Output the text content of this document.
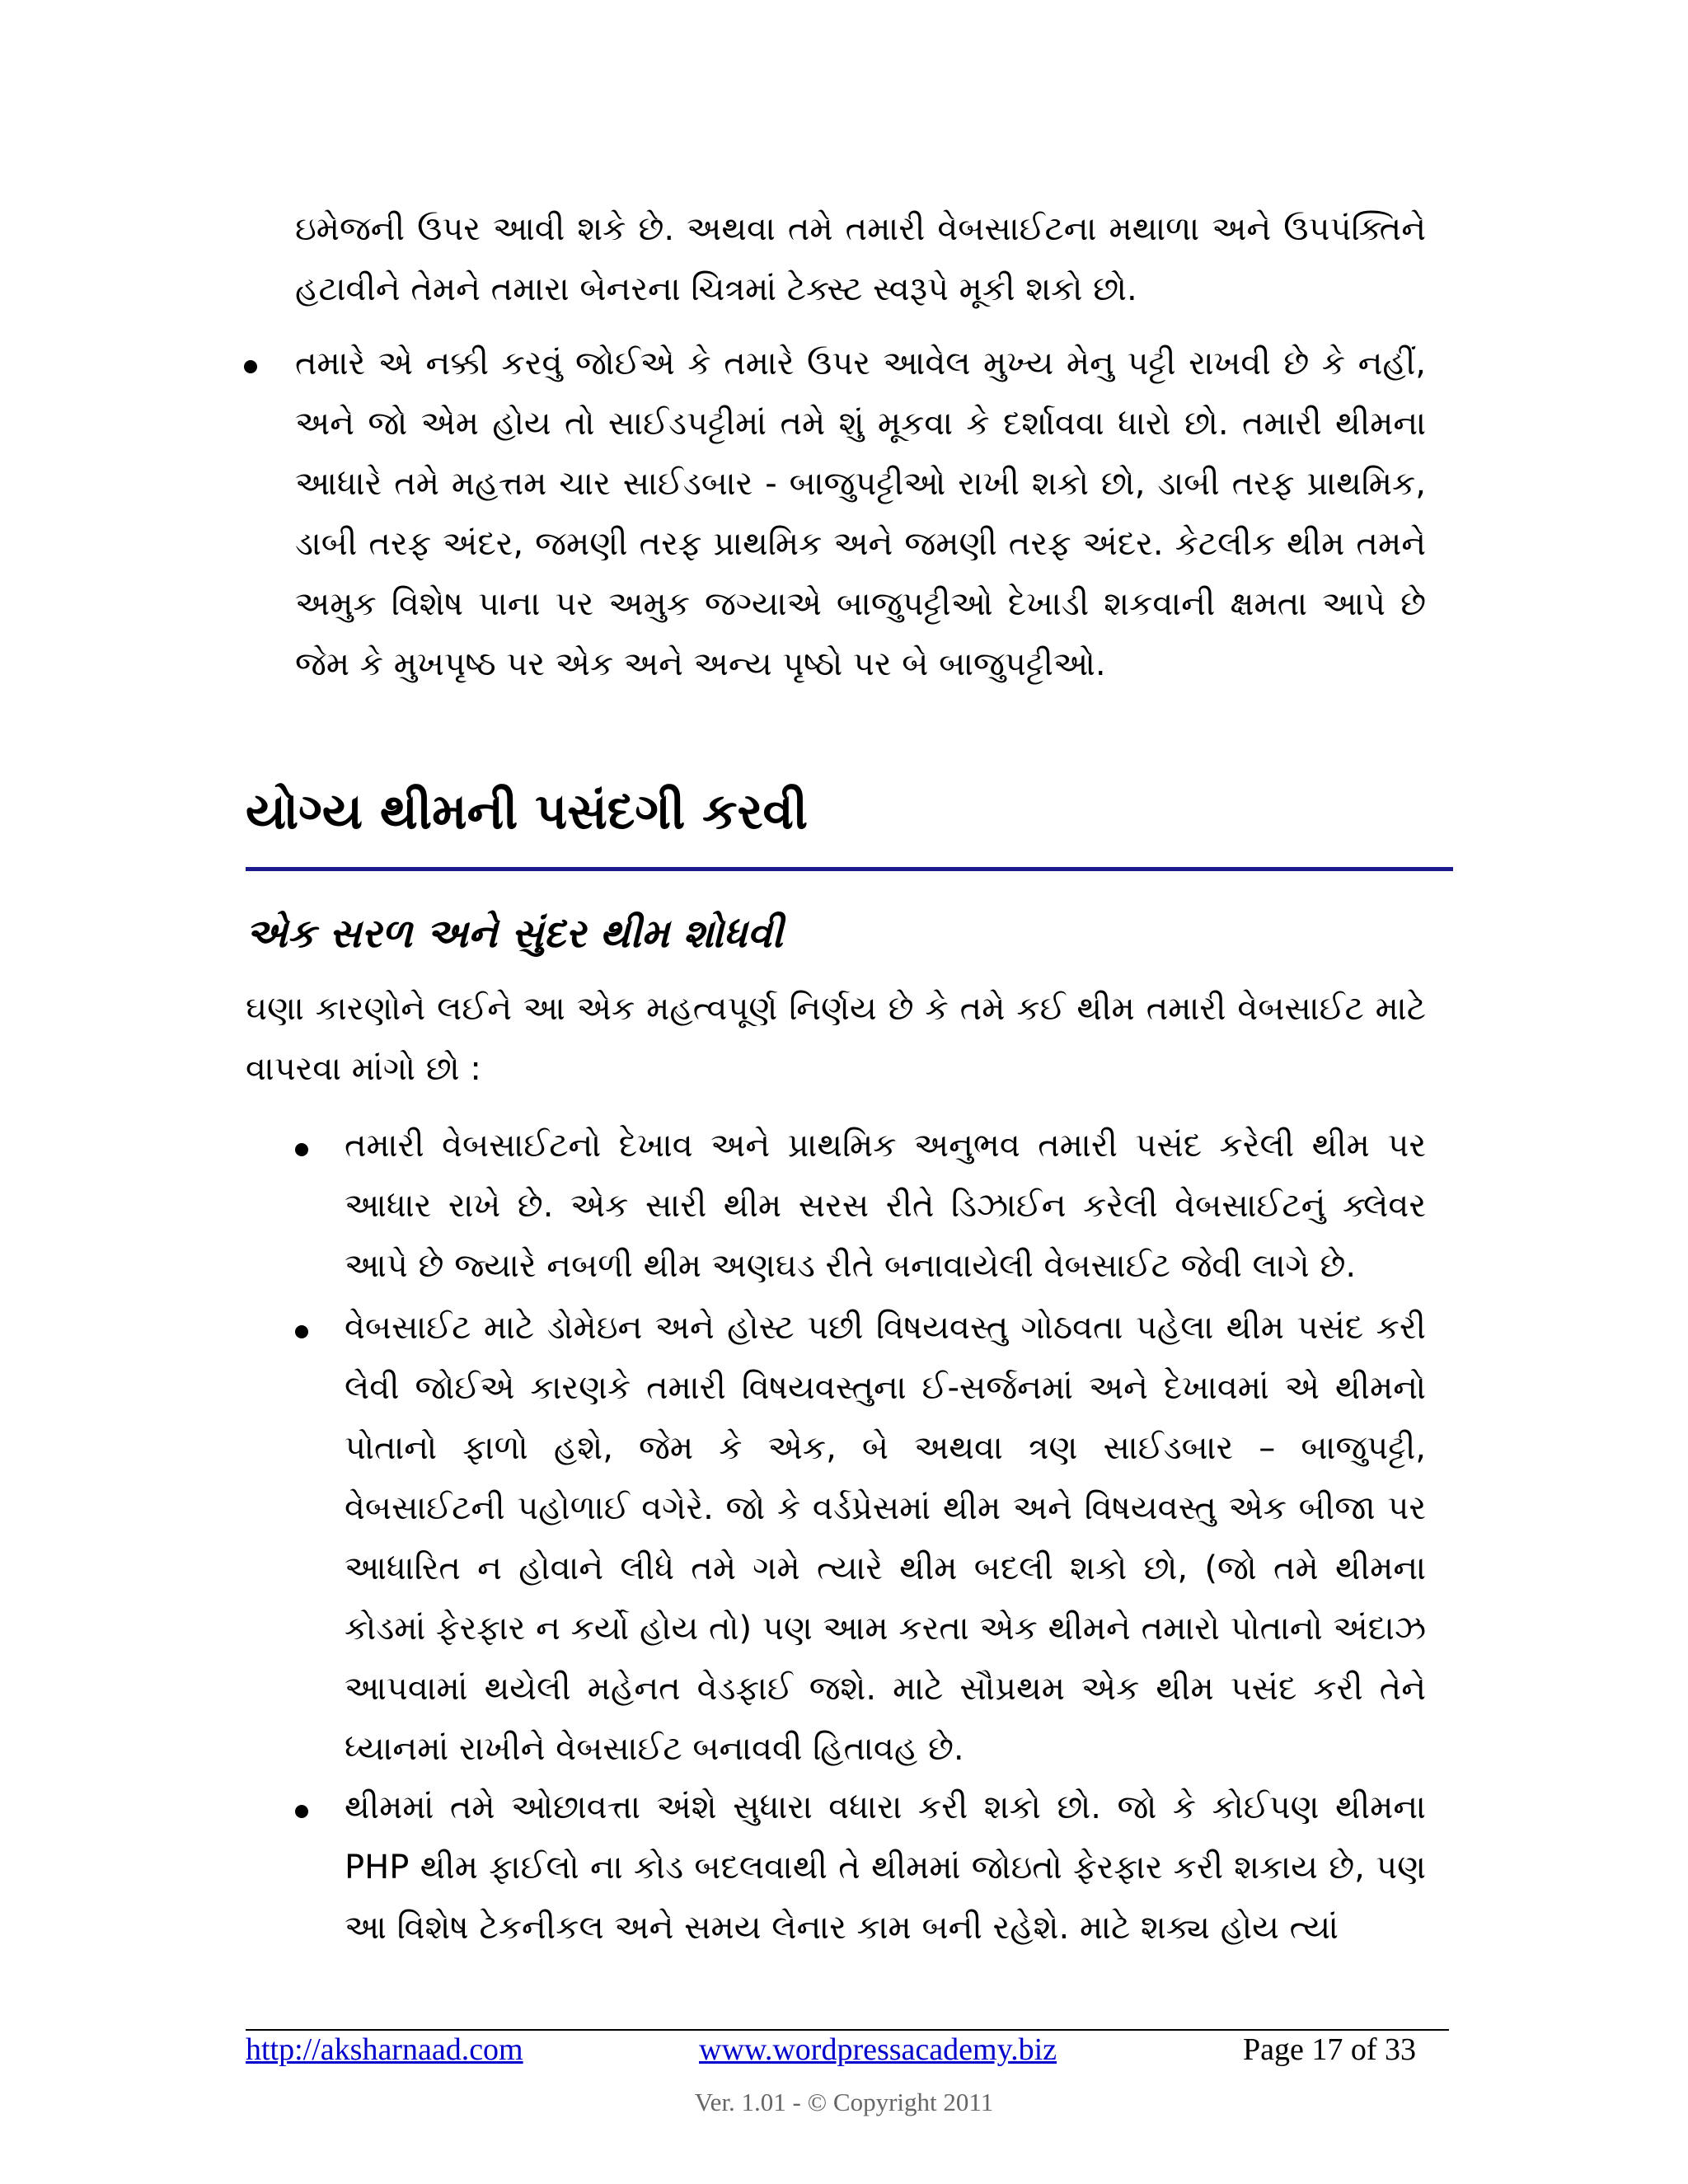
ઇમેજની ઉપર આવી શકે છે. અથવા તમે તમારી વેબસાઈટના મથાળા અને ઉપપંક્તિને હટાવીને તેમને તમારા બેનરના ચિત્રમાં ટેક્સ્ટ સ્વરૂપે મૂકી શકો છો.

તમારે એ નક્કી કરવું જોઈએ કે તમારે ઉપર આવેલ મુખ્ય મેનુ પટ્ટી રાખવી છે કે નહીં, અને જો એમ હોય તો સાઈડપટ્ટીમાં તમે શું મૂકવા કે દર્શાવવા ધારો છો. તમારી થીમના આધારે તમે મહત્તમ ચાર સાઈડબાર - બાજુપટ્ટીઓ રાખી શકો છો, ડાબી તરફ પ્રાથમિક, ડાબી તરફ અંદર, જમણી તરફ પ્રાથમિક અને જમણી તરફ અંદર. કેટલીક થીમ તમને અમુક વિશેષ પાના પર અમુક જગ્યાએ બાજુપટ્ટીઓ દેખાડી શકવાની ક્ષમતા આપે છે જેમ કે મુખપૃષ્ઠ પર એક અને અન્ય પૃષ્ઠો પર બે બાજુપટ્ટીઓ.

યોગ્ય થીમની પસંદગી કરવી
એક સરળ અને સુંદર થીમ શોધવી

ઘણા કારણોને લઈને આ એક મહત્વપૂર્ણ નિર્ણય છે કે તમે કઈ થીમ તમારી વેબસાઈટ માટે વાપરવા માંગો છો :

તમારી વેબસાઈટનો દેખાવ અને પ્રાથમિક અનુભવ તમારી પસંદ કરેલી થીમ પર આધાર રાખે છે. એક સારી થીમ સરસ રીતે ડિઝાઈન કરેલી વેબસાઈટનું ક્લેવર આપે છે જ્યારે નબળી થીમ અણઘડ રીતે બનાવાયેલી વેબસાઈટ જેવી લાગે છે.

વેબસાઈટ માટે ડોમેઇન અને હોસ્ટ પછી વિષયવસ્તુ ગોઠવતા પહેલા થીમ પસંદ કરી લેવી જોઈએ કારણકે તમારી વિષયવસ્તુના ઈ-સર્જનમાં અને દેખાવમાં એ થીમનો પોતાનો ફાળો હશે, જેમ કે એક, બે અથવા ત્રણ સાઈડબાર – બાજુપટ્ટી, વેબસાઈટની પહોળાઈ વગેરે. જો કે વર્ડપ્રેસમાં થીમ અને વિષયવસ્તુ એક બીજા પર આધારિત ન હોવાને લીધે તમે ગમે ત્યારે થીમ બદલી શકો છો, (જો તમે થીમના કોડમાં ફેરફાર ન કર્યો હોય તો) પણ આમ કરતા એક થીમને તમારો પોતાનો અંદાઝ આપવામાં થયેલી મહેનત વેડફાઈ જશે. માટે સૌપ્રથમ એક થીમ પસંદ કરી તેને ધ્યાનમાં રાખીને વેબસાઈટ બનાવવી હિતાવહ છે.

થીમમાં તમે ઓછાવત્તા અંશે સુધારા વધારા કરી શકો છો. જો કે કોઈપણ થીમના PHP થીમ ફાઈલો ના કોડ બદલવાથી તે થીમમાં જોઇતો ફેરફાર કરી શકાય છે, પણ આ વિશેષ ટેકનીકલ અને સમય લેનાર કામ બની રહેશે. માટે શક્ય હોય ત્યાં

http://aksharnaad.com	www.wordpressacademy.biz	Page 17 of 33
Ver. 1.01 - © Copyright 2011
